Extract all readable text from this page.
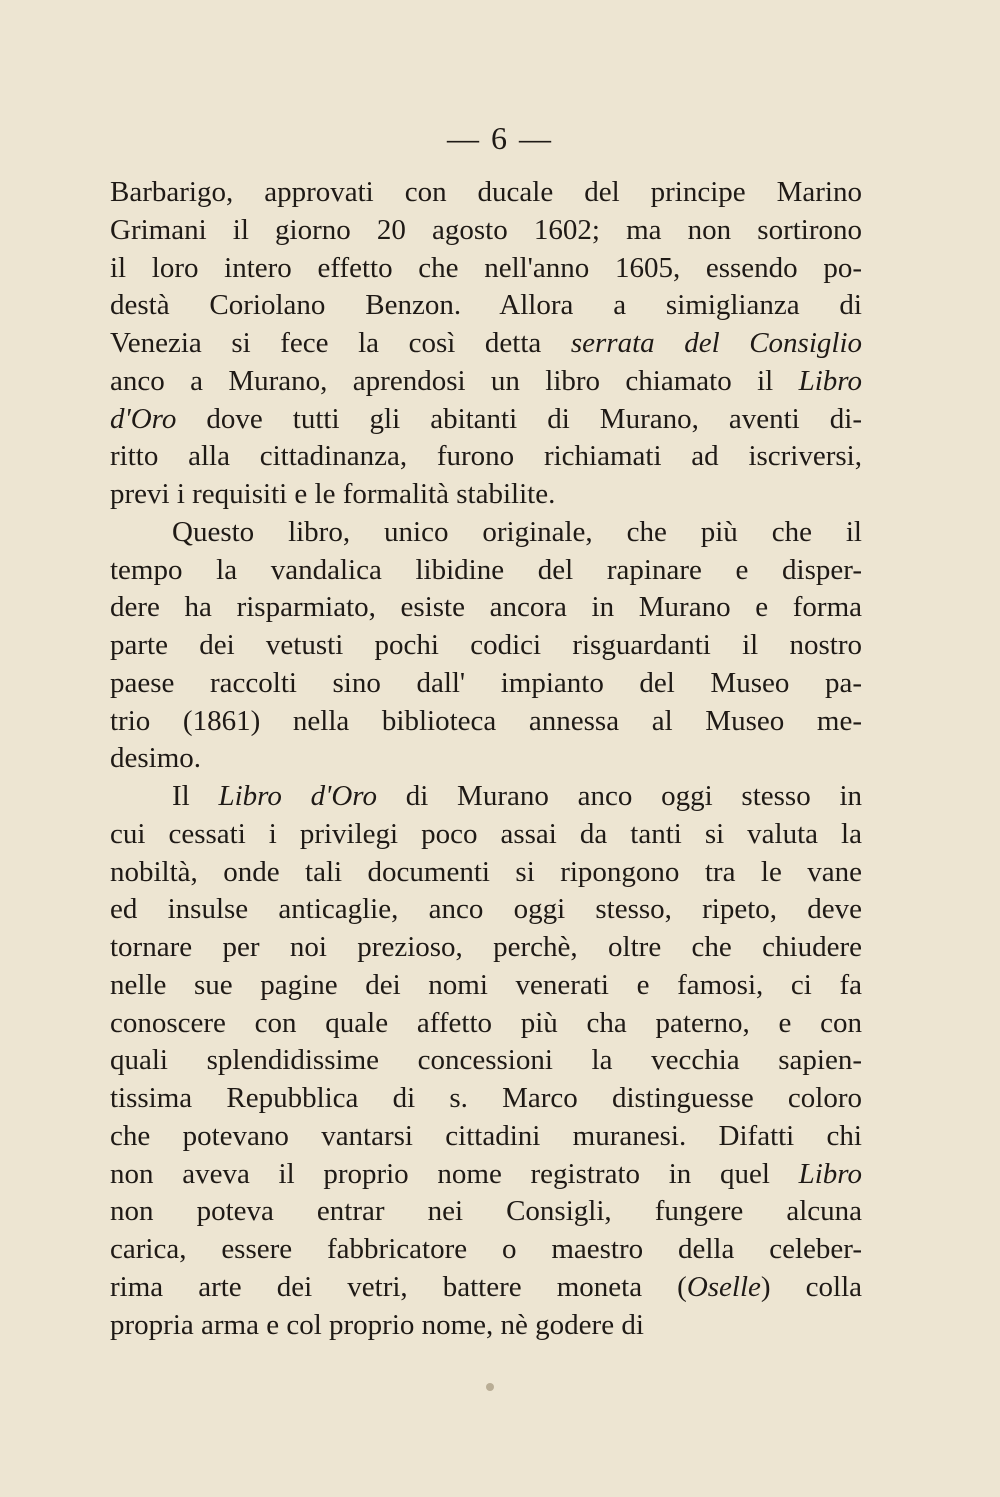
— 6 —
Barbarigo, approvati con ducale del principe Marino
Grimani il giorno 20 agosto 1602; ma non sortirono
il loro intero effetto che nell'anno 1605, essendo po-
destà Coriolano Benzon. Allora a simiglianza di
Venezia si fece la così detta serrata del Consiglio
anco a Murano, aprendosi un libro chiamato il Libro
d'Oro dove tutti gli abitanti di Murano, aventi di-
ritto alla cittadinanza, furono richiamati ad iscriversi,
previ i requisiti e le formalità stabilite.
Questo libro, unico originale, che più che il
tempo la vandalica libidine del rapinare e disper-
dere ha risparmiato, esiste ancora in Murano e forma
parte dei vetusti pochi codici risguardanti il nostro
paese raccolti sino dall' impianto del Museo pa-
trio (1861) nella biblioteca annessa al Museo me-
desimo.
Il Libro d'Oro di Murano anco oggi stesso in
cui cessati i privilegi poco assai da tanti si valuta la
nobiltà, onde tali documenti si ripongono tra le vane
ed insulse anticaglie, anco oggi stesso, ripeto, deve
tornare per noi prezioso, perchè, oltre che chiudere
nelle sue pagine dei nomi venerati e famosi, ci fa
conoscere con quale affetto più cha paterno, e con
quali splendidissime concessioni la vecchia sapien-
tissima Repubblica di s. Marco distinguesse coloro
che potevano vantarsi cittadini muranesi. Difatti chi
non aveva il proprio nome registrato in quel Libro
non poteva entrar nei Consigli, fungere alcuna
carica, essere fabbricatore o maestro della celeber-
rima arte dei vetri, battere moneta (Oselle) colla
propria arma e col proprio nome, nè godere di
